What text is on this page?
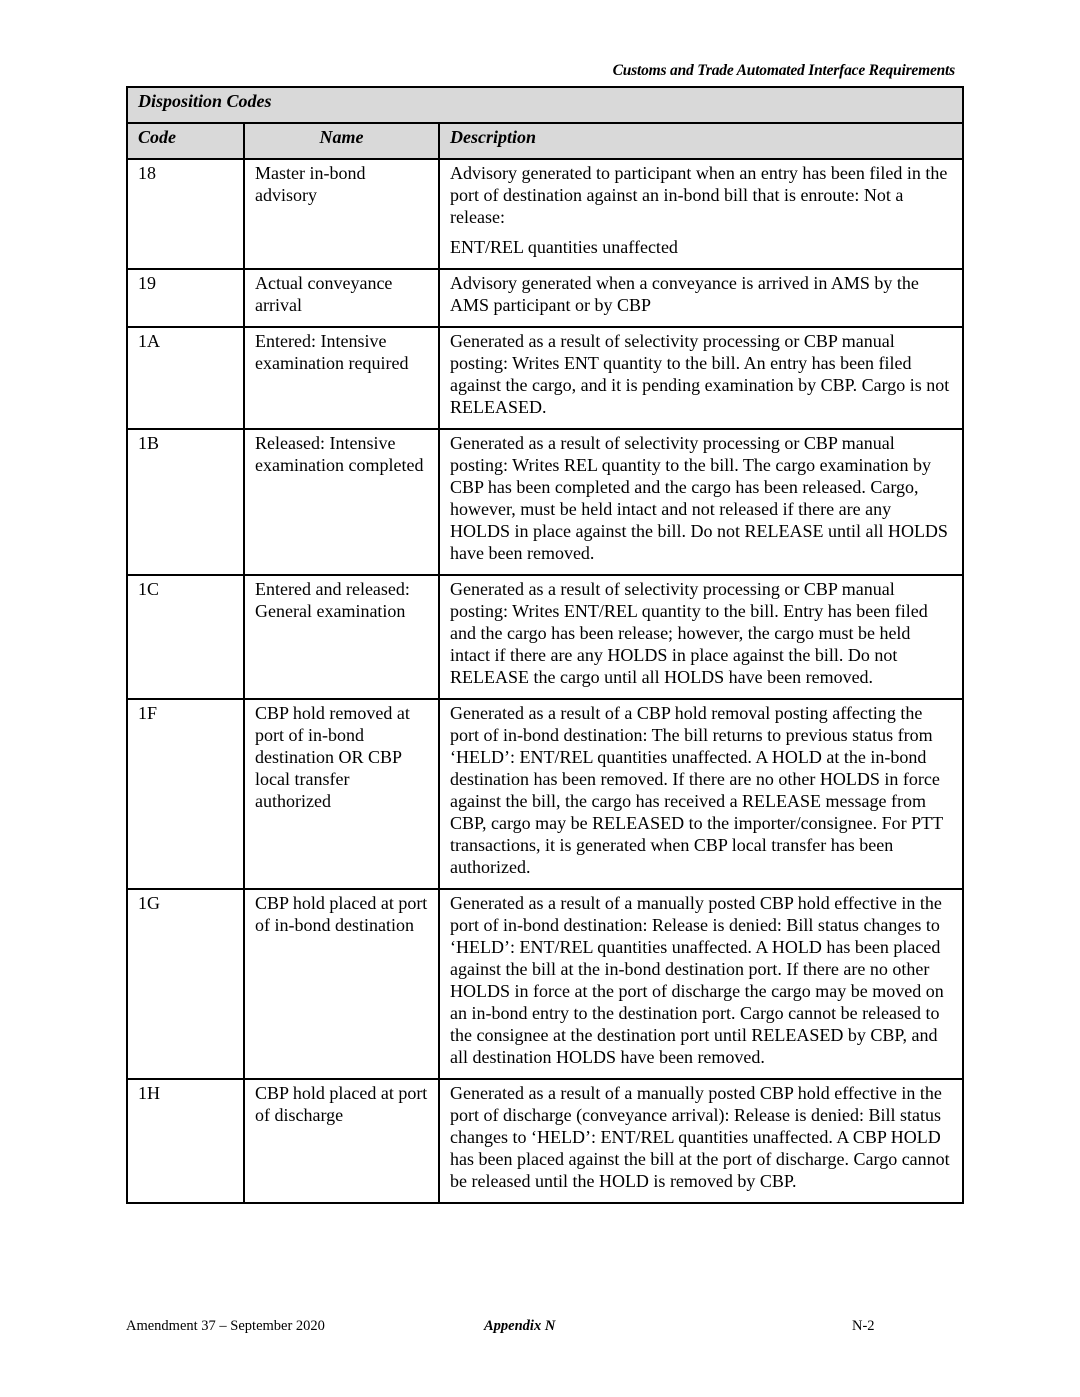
Customs and Trade Automated Interface Requirements
Disposition Codes		
Code	Name	Description
18	Master in-bond advisory	Advisory generated to participant when an entry has been filed in the port of destination against an in-bond bill that is enroute: Not a release:
ENT/REL quantities unaffected

19	Actual conveyance arrival	Advisory generated when a conveyance is arrived in AMS by the AMS participant or by CBP
1A	Entered: Intensive examination required	Generated as a result of selectivity processing or CBP manual posting: Writes ENT quantity to the bill. An entry has been filed against the cargo, and it is pending examination by CBP. Cargo is not RELEASED.
1B	Released: Intensive examination completed	Generated as a result of selectivity processing or CBP manual posting: Writes REL quantity to the bill. The cargo examination by CBP has been completed and the cargo has been released. Cargo, however, must be held intact and not released if there are any HOLDS in place against the bill. Do not RELEASE until all HOLDS have been removed.
1C	Entered and released: General examination	Generated as a result of selectivity processing or CBP manual posting: Writes ENT/REL quantity to the bill. Entry has been filed and the cargo has been release; however, the cargo must be held intact if there are any HOLDS in place against the bill. Do not RELEASE the cargo until all HOLDS have been removed.
1F	CBP hold removed at port of in-bond destination OR CBP local transfer authorized	Generated as a result of a CBP hold removal posting affecting the port of in-bond destination: The bill returns to previous status from ‘HELD’: ENT/REL quantities unaffected. A HOLD at the in-bond destination has been removed. If there are no other HOLDS in force against the bill, the cargo has received a RELEASE message from CBP, cargo may be RELEASED to the importer/consignee. For PTT transactions, it is generated when CBP local transfer has been authorized.
1G	CBP hold placed at port of in-bond destination	Generated as a result of a manually posted CBP hold effective in the port of in-bond destination: Release is denied: Bill status changes to ‘HELD’: ENT/REL quantities unaffected. A HOLD has been placed against the bill at the in-bond destination port. If there are no other HOLDS in force at the port of discharge the cargo may be moved on an in-bond entry to the destination port. Cargo cannot be released to the consignee at the destination port until RELEASED by CBP, and all destination HOLDS have been removed.
1H	CBP hold placed at port of discharge	Generated as a result of a manually posted CBP hold effective in the port of discharge (conveyance arrival): Release is denied: Bill status changes to ‘HELD’: ENT/REL quantities unaffected. A CBP HOLD has been placed against the bill at the port of discharge. Cargo cannot be released until the HOLD is removed by CBP.
Amendment 37 – September 2020	Appendix N	N-2
